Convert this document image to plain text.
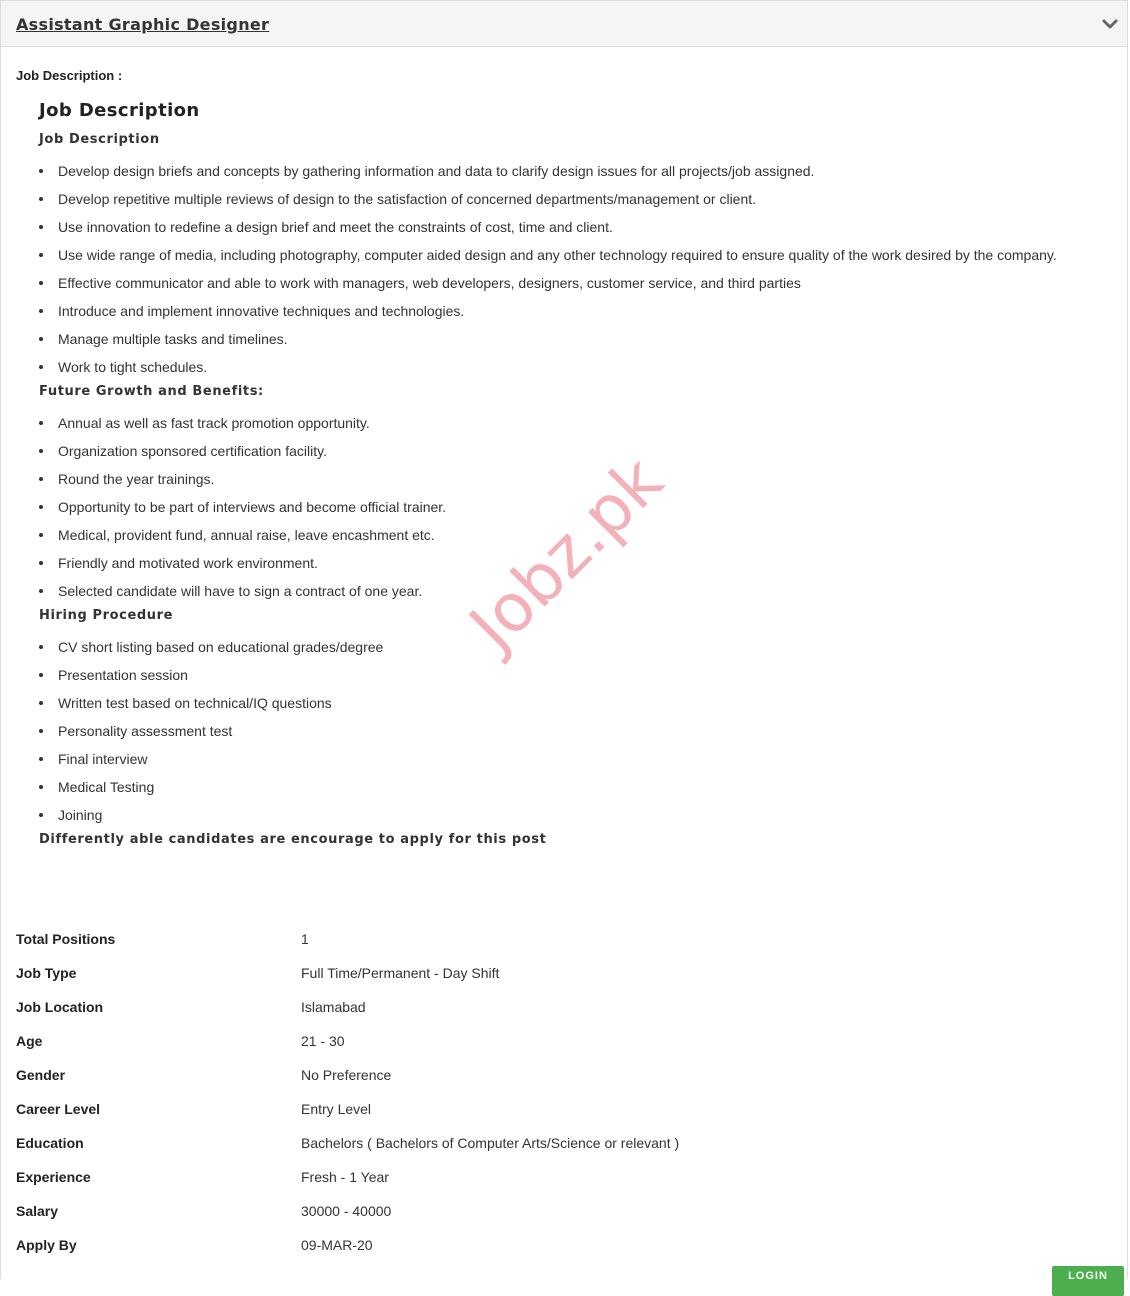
Assistant Graphic Designer
Job Description :
Job Description
Job Description
Develop design briefs and concepts by gathering information and data to clarify design issues for all projects/job assigned.
Develop repetitive multiple reviews of design to the satisfaction of concerned departments/management or client.
Use innovation to redefine a design brief and meet the constraints of cost, time and client.
Use wide range of media, including photography, computer aided design and any other technology required to ensure quality of the work desired by the company.
Effective communicator and able to work with managers, web developers, designers, customer service, and third parties
Introduce and implement innovative techniques and technologies.
Manage multiple tasks and timelines.
Work to tight schedules.
Future Growth and Benefits:
Annual as well as fast track promotion opportunity.
Organization sponsored certification facility.
Round the year trainings.
Opportunity to be part of interviews and become official trainer.
Medical, provident fund, annual raise, leave encashment etc.
Friendly and motivated work environment.
Selected candidate will have to sign a contract of one year.
Hiring Procedure
CV short listing based on educational grades/degree
Presentation session
Written test based on technical/IQ questions
Personality assessment test
Final interview
Medical Testing
Joining
Differently able candidates are encourage to apply for this post
Total Positions	1
Job Type	Full Time/Permanent - Day Shift
Job Location	Islamabad
Age	21 - 30
Gender	No Preference
Career Level	Entry Level
Education	Bachelors ( Bachelors of Computer Arts/Science or relevant )
Experience	Fresh - 1 Year
Salary	30000 - 40000
Apply By	09-MAR-20
Jobz.pk
LOGIN
